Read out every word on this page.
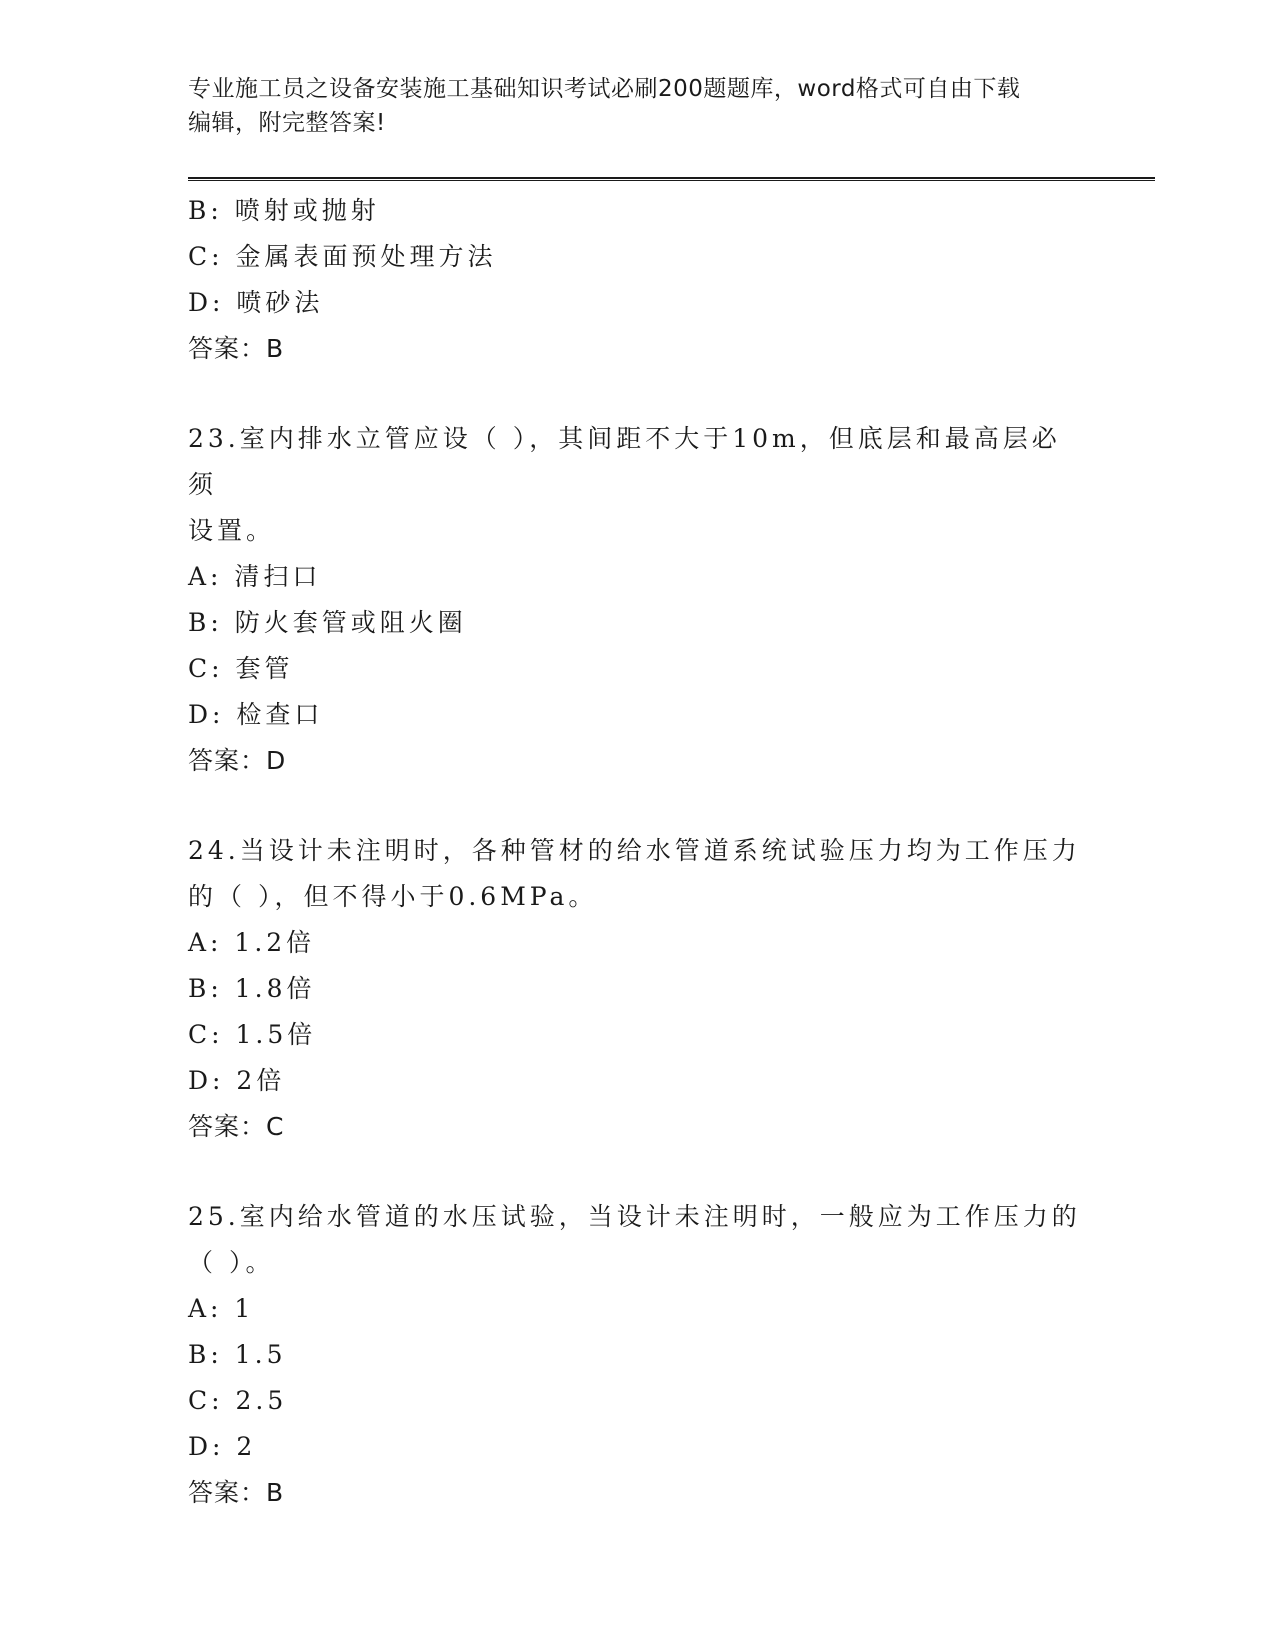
专业施工员之设备安装施工基础知识考试必刷200题题库，word格式可自由下载
编辑，附完整答案!
B: 喷射或抛射
C: 金属表面预处理方法
D: 喷砂法
答案：B
23.室内排水立管应设（ ），其间距不大于10m，但底层和最高层必须
设置。
A: 清扫口
B: 防火套管或阻火圈
C: 套管
D: 检查口
答案：D
24.当设计未注明时，各种管材的给水管道系统试验压力均为工作压力
的（ ），但不得小于0.6MPa。
A: 1.2倍
B: 1.8倍
C: 1.5倍
D: 2倍
答案：C
25.室内给水管道的水压试验，当设计未注明时，一般应为工作压力的
（ ）。
A: 1
B: 1.5
C: 2.5
D: 2
答案：B
